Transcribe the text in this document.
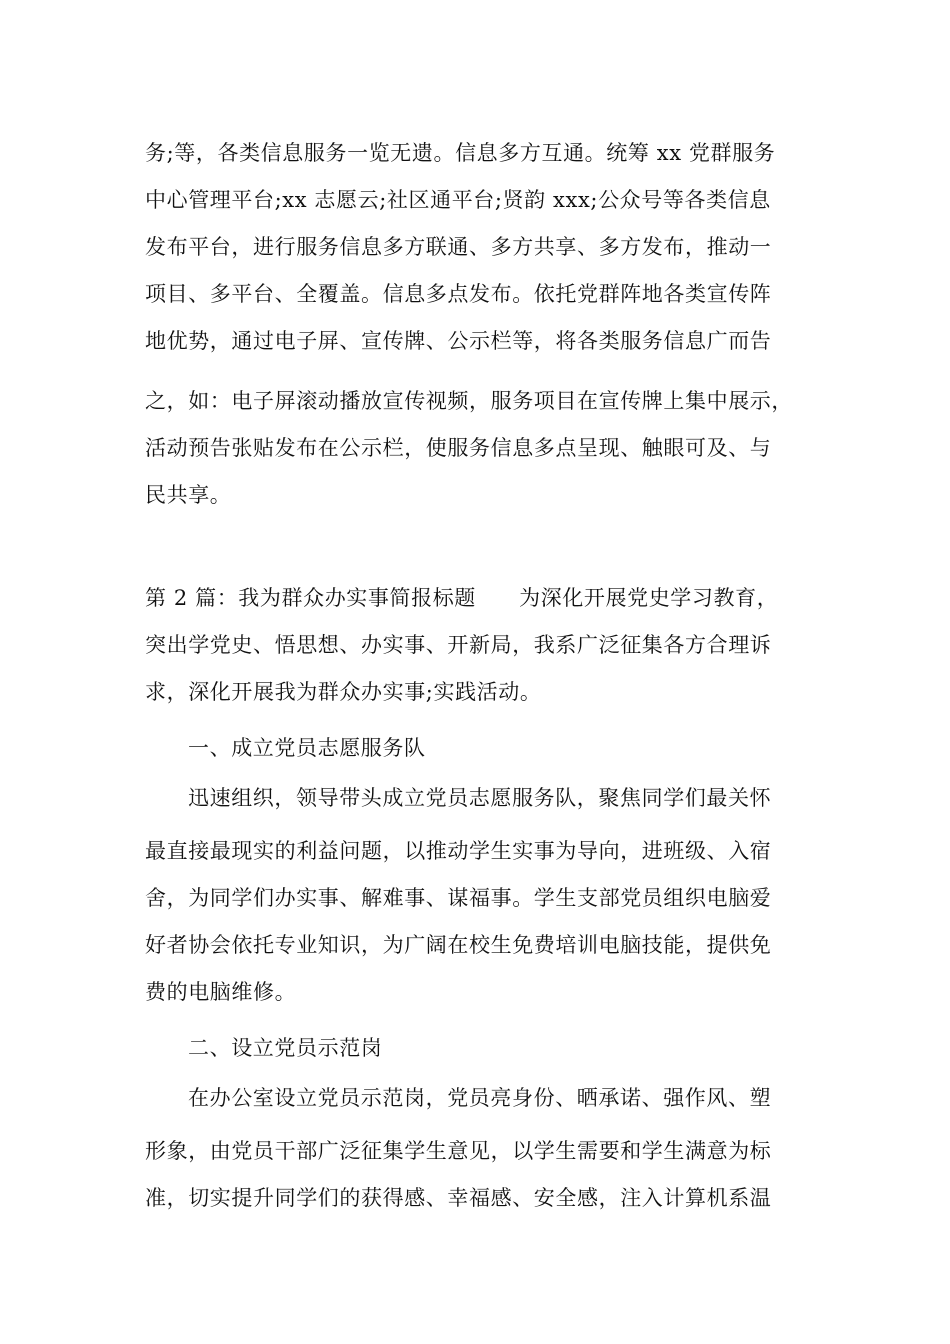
务;等，各类信息服务一览无遗。信息多方互通。统筹 xx 党群服务
中心管理平台;xx 志愿云;社区通平台;贤韵 xxx;公众号等各类信息
发布平台，进行服务信息多方联通、多方共享、多方发布，推动一
项目、多平台、全覆盖。信息多点发布。依托党群阵地各类宣传阵
地优势，通过电子屏、宣传牌、公示栏等，将各类服务信息广而告
之，如：电子屏滚动播放宣传视频，服务项目在宣传牌上集中展示，
活动预告张贴发布在公示栏，使服务信息多点呈现、触眼可及、与
民共享。
第 2 篇：我为群众办实事简报标题　　为深化开展党史学习教育，
突出学党史、悟思想、办实事、开新局，我系广泛征集各方合理诉
求，深化开展我为群众办实事;实践活动。
一、成立党员志愿服务队
迅速组织，领导带头成立党员志愿服务队，聚焦同学们最关怀
最直接最现实的利益问题，以推动学生实事为导向，进班级、入宿
舍，为同学们办实事、解难事、谋福事。学生支部党员组织电脑爱
好者协会依托专业知识，为广阔在校生免费培训电脑技能，提供免
费的电脑维修。
二、设立党员示范岗
在办公室设立党员示范岗，党员亮身份、晒承诺、强作风、塑
形象，由党员干部广泛征集学生意见，以学生需要和学生满意为标
准，切实提升同学们的获得感、幸福感、安全感，注入计算机系温
